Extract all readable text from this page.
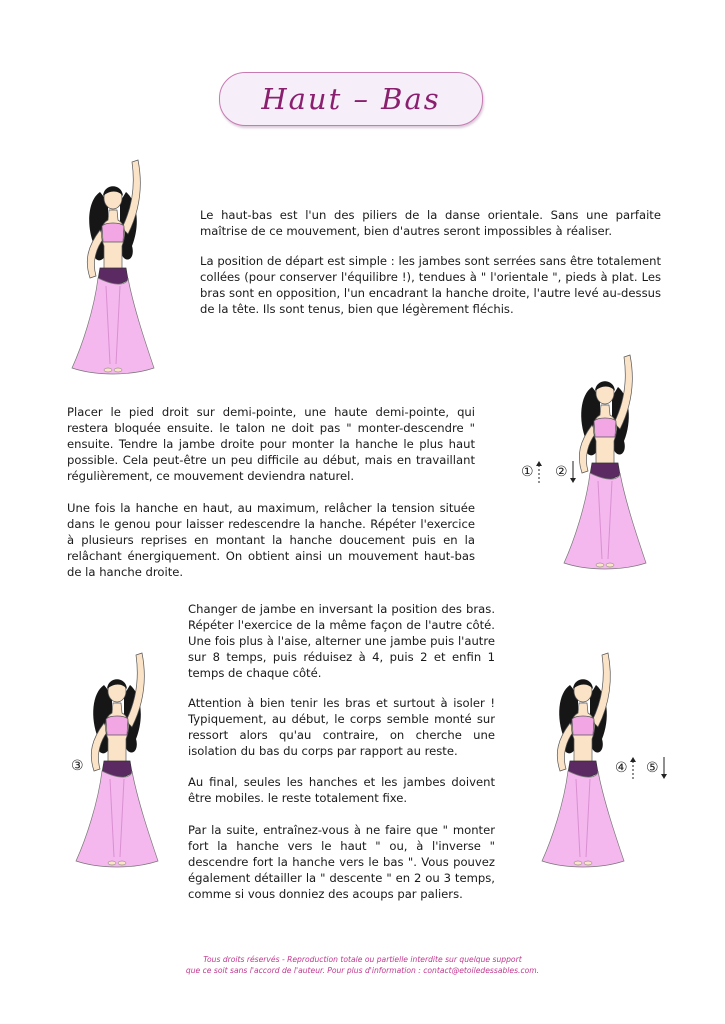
Haut – Bas

Le haut-bas est l'un des piliers de la danse orientale. Sans une parfaite maîtrise de ce mouvement, bien d'autres seront impossibles à réaliser.

La position de départ est simple : les jambes sont serrées sans être totalement collées (pour conserver l'équilibre !), tendues à " l'orientale ", pieds à plat. Les bras sont en opposition, l'un encadrant la hanche droite, l'autre levé au-dessus de la tête. Ils sont tenus, bien que légèrement fléchis.

① ②

Placer le pied droit sur demi-pointe, une haute demi-pointe, qui restera bloquée ensuite. le talon ne doit pas " monter-descendre " ensuite. Tendre la jambe droite pour monter la hanche le plus haut possible. Cela peut-être un peu difficile au début, mais en travaillant régulièrement, ce mouvement deviendra naturel.

Une fois la hanche en haut, au maximum, relâcher la tension située dans le genou pour laisser redescendre la hanche. Répéter l'exercice à plusieurs reprises en montant la hanche doucement puis en la relâchant énergiquement. On obtient ainsi un mouvement haut-bas de la hanche droite.

③	④ ⑤

Changer de jambe en inversant la position des bras. Répéter l'exercice de la même façon de l'autre côté. Une fois plus à l'aise, alterner une jambe puis l'autre sur 8 temps, puis réduisez à 4, puis 2 et enfin 1 temps de chaque côté.

Attention à bien tenir les bras et surtout à isoler ! Typiquement, au début, le corps semble monté sur ressort alors qu'au contraire, on cherche une isolation du bas du corps par rapport au reste.

Au final, seules les hanches et les jambes doivent être mobiles. le reste totalement fixe.

Par la suite, entraînez-vous à ne faire que " monter fort la hanche vers le haut " ou, à l'inverse " descendre fort la hanche vers le bas ". Vous pouvez également détailler la " descente " en 2 ou 3 temps, comme si vous donniez des acoups par paliers.

Tous droits réservés - Reproduction totale ou partielle interdite sur quelque support
que ce soit sans l'accord de l'auteur. Pour plus d'information : contact@etoiledessables.com.
